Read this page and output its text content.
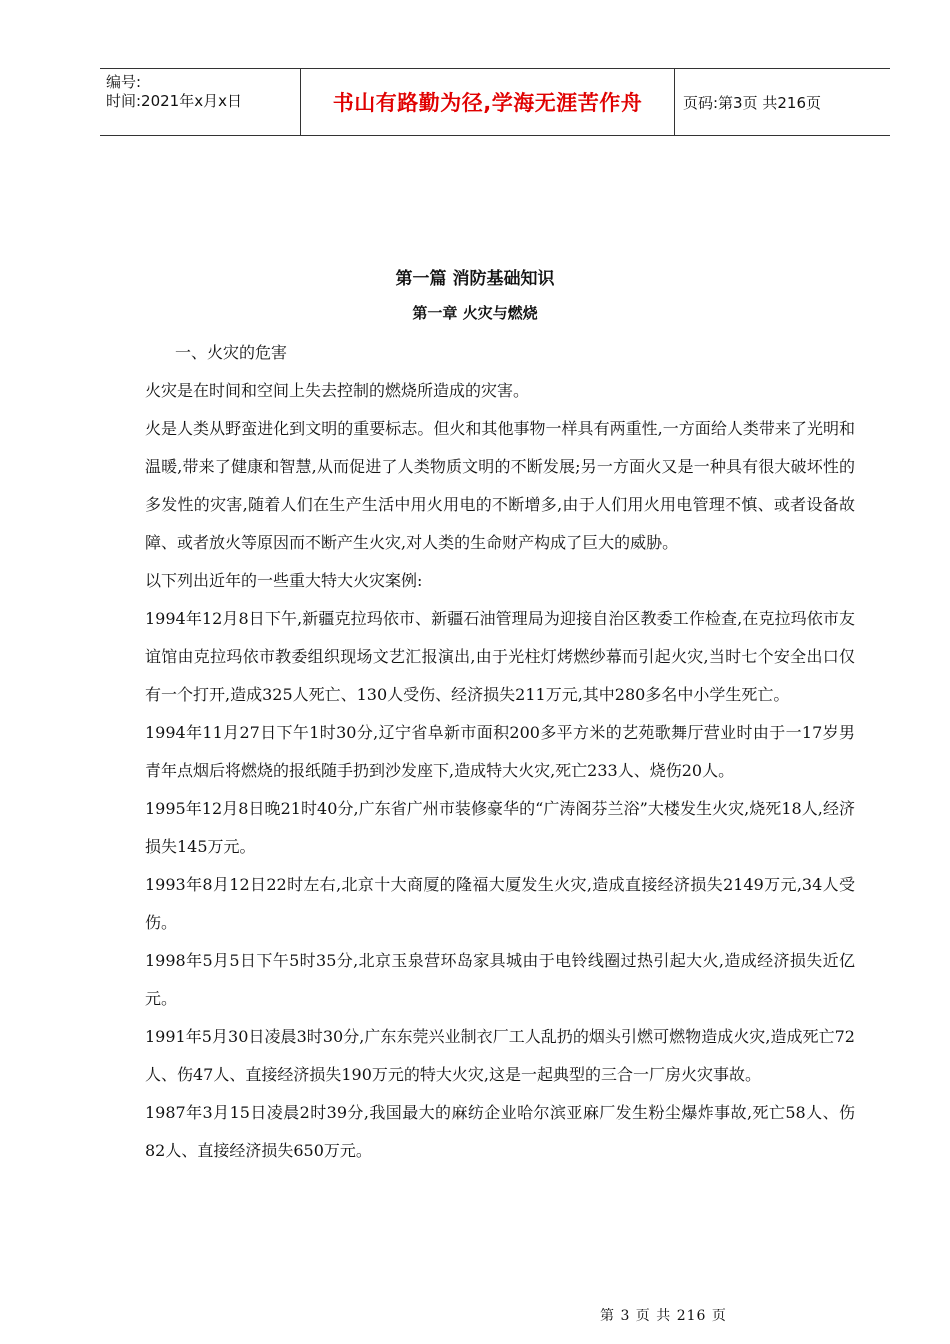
编号:
时间:2021年x月x日	书山有路勤为径,学海无涯苦作舟	页码:第3页 共216页
第一篇 消防基础知识
第一章 火灾与燃烧

一、火灾的危害

火灾是在时间和空间上失去控制的燃烧所造成的灾害。

火是人类从野蛮进化到文明的重要标志。但火和其他事物一样具有两重性,一方面给人类带来了光明和温暖,带来了健康和智慧,从而促进了人类物质文明的不断发展;另一方面火又是一种具有很大破坏性的多发性的灾害,随着人们在生产生活中用火用电的不断增多,由于人们用火用电管理不慎、或者设备故障、或者放火等原因而不断产生火灾,对人类的生命财产构成了巨大的威胁。

以下列出近年的一些重大特大火灾案例:

1994年12月8日下午,新疆克拉玛依市、新疆石油管理局为迎接自治区教委工作检查,在克拉玛依市友谊馆由克拉玛依市教委组织现场文艺汇报演出,由于光柱灯烤燃纱幕而引起火灾,当时七个安全出口仅有一个打开,造成325人死亡、130人受伤、经济损失211万元,其中280多名中小学生死亡。

1994年11月27日下午1时30分,辽宁省阜新市面积200多平方米的艺苑歌舞厅营业时由于一17岁男青年点烟后将燃烧的报纸随手扔到沙发座下,造成特大火灾,死亡233人、烧伤20人。

1995年12月8日晚21时40分,广东省广州市装修豪华的“广涛阁芬兰浴”大楼发生火灾,烧死18人,经济损失145万元。

1993年8月12日22时左右,北京十大商厦的隆福大厦发生火灾,造成直接经济损失2149万元,34人受伤。

1998年5月5日下午5时35分,北京玉泉营环岛家具城由于电铃线圈过热引起大火,造成经济损失近亿元。

1991年5月30日凌晨3时30分,广东东莞兴业制衣厂工人乱扔的烟头引燃可燃物造成火灾,造成死亡72人、伤47人、直接经济损失190万元的特大火灾,这是一起典型的三合一厂房火灾事故。

1987年3月15日凌晨2时39分,我国最大的麻纺企业哈尔滨亚麻厂发生粉尘爆炸事故,死亡58人、伤82人、直接经济损失650万元。

第 3 页 共 216 页
